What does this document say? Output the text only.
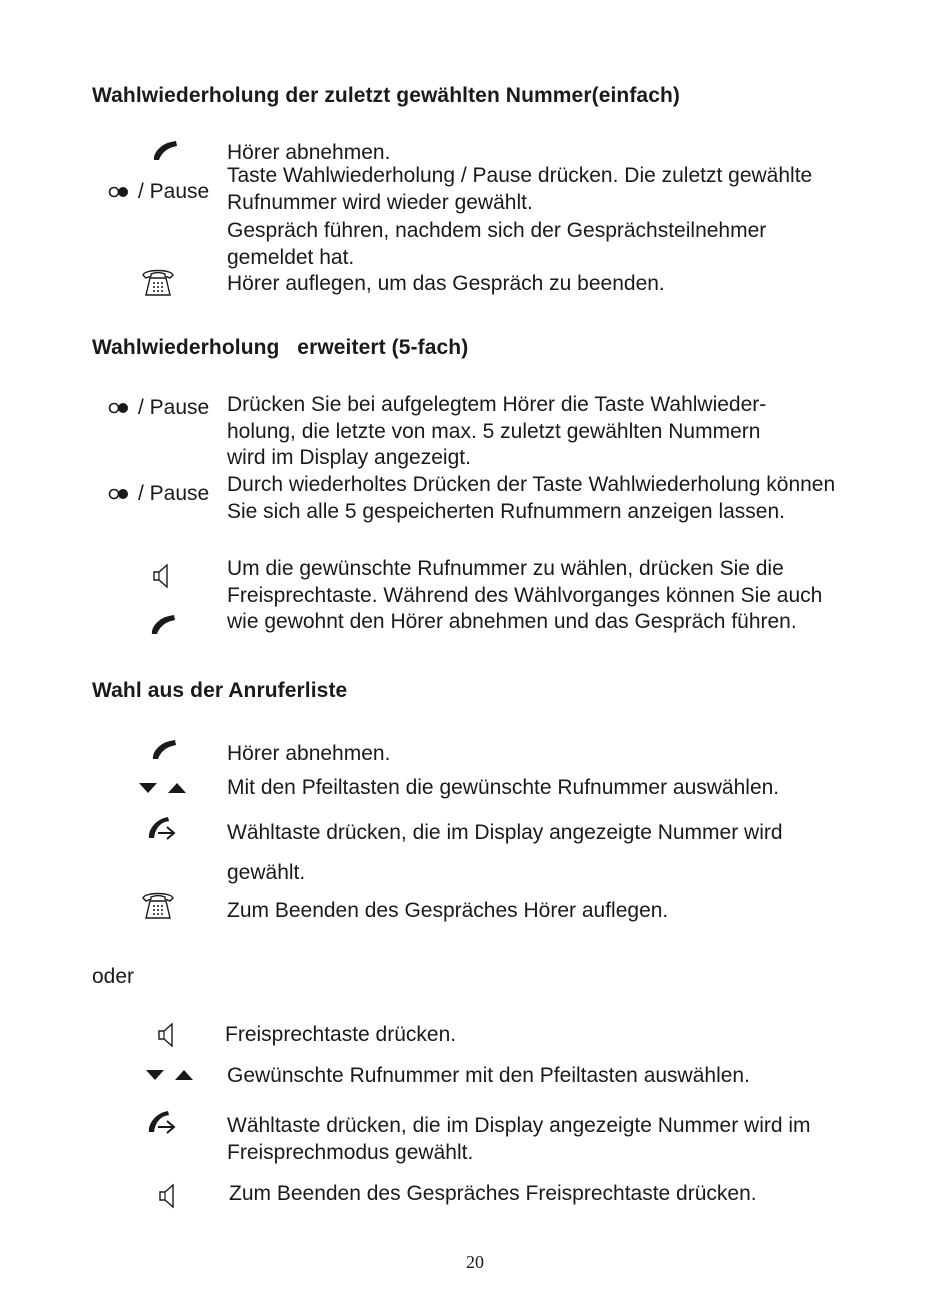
Wahlwiederholung der zuletzt gewählten Nummer(einfach)
Hörer abnehmen.
/ Pause
Taste Wahlwiederholung / Pause drücken. Die zuletzt gewählte Rufnummer wird wieder gewählt.
Gespräch führen, nachdem sich der Gesprächsteilnehmer gemeldet hat.
Hörer auflegen, um das Gespräch zu beenden.
Wahlwiederholung   erweitert (5-fach)
/ Pause Drücken Sie bei aufgelegtem Hörer die Taste Wahlwieder-
holung, die letzte von max. 5 zuletzt gewählten Nummern
wird im Display angezeigt.
/ Pause Durch wiederholtes Drücken der Taste Wahlwiederholung können Sie sich alle 5 gespeicherten Rufnummern anzeigen lassen.
Um die gewünschte Rufnummer zu wählen, drücken Sie die Freisprechtaste. Während des Wählvorganges können Sie auch wie gewohnt den Hörer abnehmen und das Gespräch führen.
Wahl aus der Anruferliste
Hörer abnehmen.
Mit den Pfeiltasten die gewünschte Rufnummer auswählen.
Wähltaste drücken, die im Display angezeigte Nummer wird
gewählt.
Zum Beenden des Gespräches Hörer auflegen.
oder
Freisprechtaste drücken.
Gewünschte Rufnummer mit den Pfeiltasten auswählen.
Wähltaste drücken, die im Display angezeigte Nummer wird im Freisprechmodus gewählt.
Zum Beenden des Gespräches Freisprechtaste drücken.
20
